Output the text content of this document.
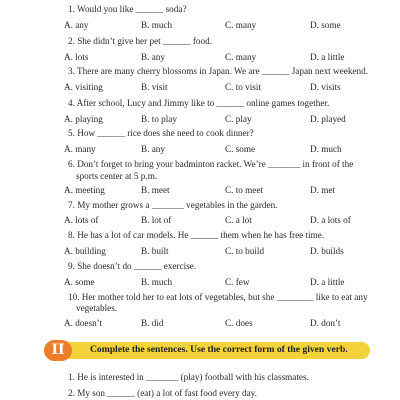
1. Would you like ______ soda?
A. any	B. much	C. many	D. some
2. She didn’t give her pet ______ food.
A. lots	B. any	C. many	D. a little
3. There are many cherry blossoms in Japan. We are ______ Japan next weekend.
A. visiting	B. visit	C. to visit	D. visits
4. After school, Lucy and Jimmy like to ______ online games together.
A. playing	B. to play	C. play	D. played
5. How ______ rice does she need to cook dinner?
A. many	B. any	C. some	D. much
6. Don’t forget to bring your badminton racket. We’re _______ in front of the
sports center at 5 p.m.
A. meeting	B. meet	C. to meet	D. met
7. My mother grows a _______ vegetables in the garden.
A. lots of	B. lot of	C. a lot	D. a lots of
8. He has a lot of car models. He ______ them when he has free time.
A. building	B. built	C. to build	D. builds
9. She doesn’t do ______ exercise.
A. some	B. much	C. few	D. a little
10. Her mother told her to eat lots of vegetables, but she ________ like to eat any
vegetables.
A. doesn’t	B. did	C. does	D. don’t
II	Complete the sentences. Use the correct form of the given verb.
1. He is interested in _______ (play) football with his classmates.
2. My son ______ (eat) a lot of fast food every day.
